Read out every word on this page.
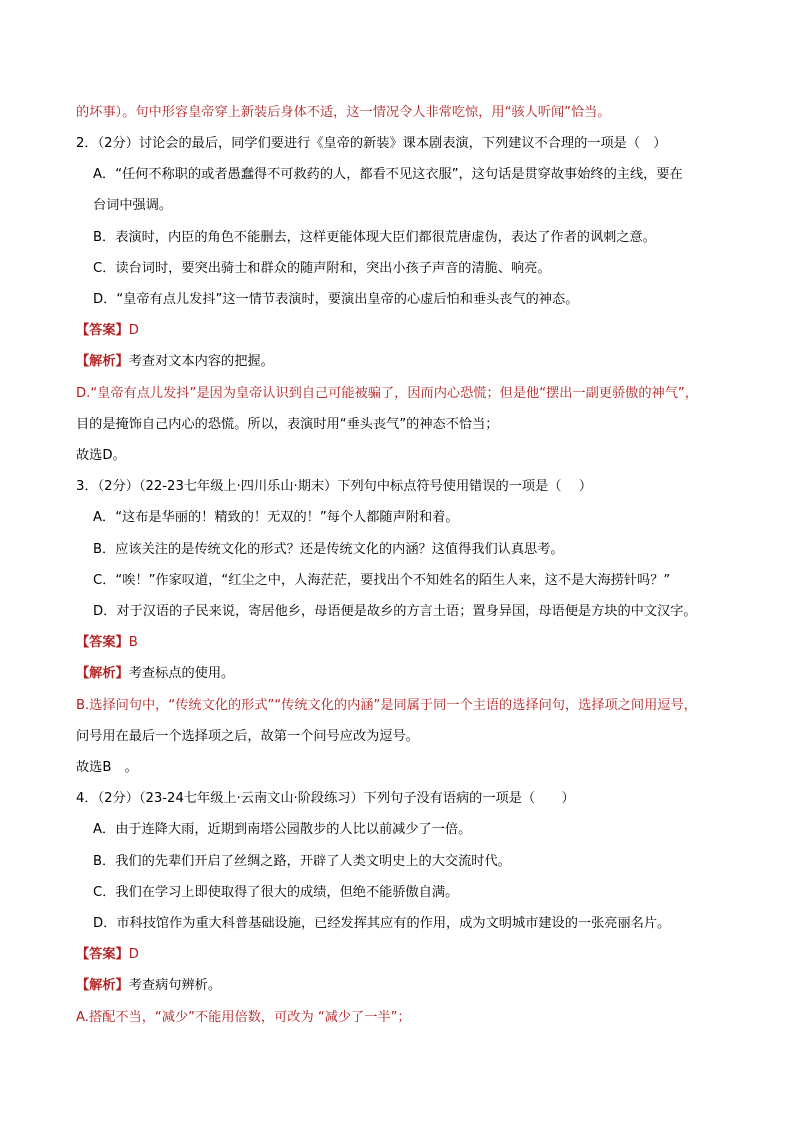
的坏事）。句中形容皇帝穿上新装后身体不适，这一情况令人非常吃惊，用“骇人听闻”恰当。
2．（2分）讨论会的最后，同学们要进行《皇帝的新装》课本剧表演，下列建议不合理的一项是（　）
A．“任何不称职的或者愚蠢得不可救药的人，都看不见这衣服”，这句话是贯穿故事始终的主线，要在
台词中强调。
B．表演时，内臣的角色不能删去，这样更能体现大臣们都很荒唐虚伪，表达了作者的讽刺之意。
C．读台词时，要突出骑士和群众的随声附和，突出小孩子声音的清脆、响亮。
D．“皇帝有点儿发抖”这一情节表演时，要演出皇帝的心虚后怕和垂头丧气的神态。
【答案】D
【解析】考查对文本内容的把握。
D.“皇帝有点儿发抖”是因为皇帝认识到自己可能被骗了，因而内心恐慌；但是他“摆出一副更骄傲的神气”，
目的是掩饰自己内心的恐慌。所以，表演时用“垂头丧气”的神态不恰当；
故选D。
3．（2分）（22-23七年级上·四川乐山·期末）下列句中标点符号使用错误的一项是（　 ）
A．“这布是华丽的！精致的！无双的！”每个人都随声附和着。
B．应该关注的是传统文化的形式？还是传统文化的内涵？这值得我们认真思考。
C．“唉！”作家叹道，“红尘之中，人海茫茫，要找出个不知姓名的陌生人来，这不是大海捞针吗？”
D．对于汉语的子民来说，寄居他乡，母语便是故乡的方言土语；置身异国，母语便是方块的中文汉字。
【答案】B
【解析】考查标点的使用。
B.选择问句中，“传统文化的形式”“传统文化的内涵”是同属于同一个主语的选择问句，选择项之间用逗号，
问号用在最后一个选择项之后，故第一个问号应改为逗号。
故选B　。
4．（2分）（23-24七年级上·云南文山·阶段练习）下列句子没有语病的一项是（　　）
A．由于连降大雨，近期到南塔公园散步的人比以前减少了一倍。
B．我们的先辈们开启了丝绸之路，开辟了人类文明史上的大交流时代。
C．我们在学习上即使取得了很大的成绩，但绝不能骄傲自满。
D．市科技馆作为重大科普基础设施，已经发挥其应有的作用，成为文明城市建设的一张亮丽名片。
【答案】D
【解析】考查病句辨析。
A.搭配不当，“减少”不能用倍数，可改为 “减少了一半”；
